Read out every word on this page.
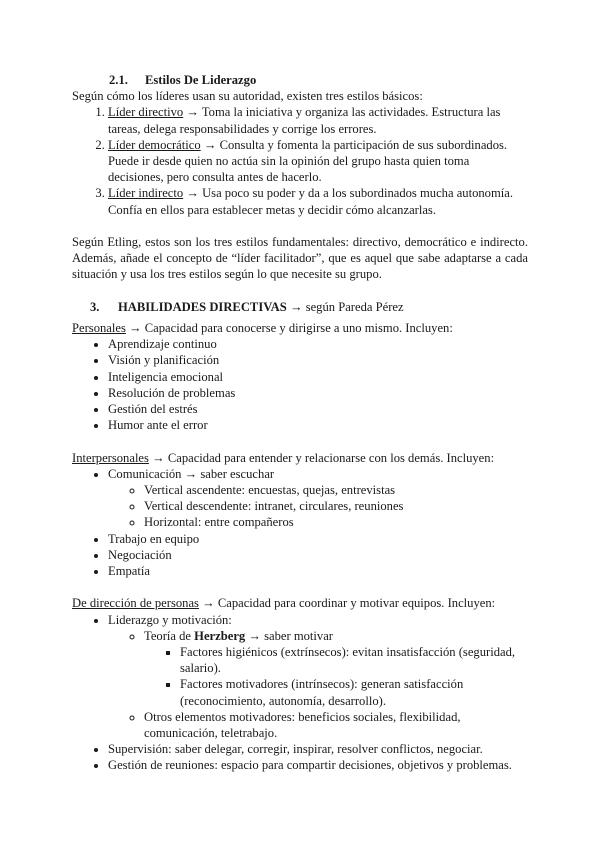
2.1. Estilos De Liderazgo

Según cómo los líderes usan su autoridad, existen tres estilos básicos:

1. Líder directivo → Toma la iniciativa y organiza las actividades. Estructura las tareas, delega responsabilidades y corrige los errores.
2. Líder democrático → Consulta y fomenta la participación de sus subordinados. Puede ir desde quien no actúa sin la opinión del grupo hasta quien toma decisiones, pero consulta antes de hacerlo.
3. Líder indirecto → Usa poco su poder y da a los subordinados mucha autonomía. Confía en ellos para establecer metas y decidir cómo alcanzarlas.

Según Etling, estos son los tres estilos fundamentales: directivo, democrático e indirecto. Además, añade el concepto de “líder facilitador”, que es aquel que sabe adaptarse a cada situación y usa los tres estilos según lo que necesite su grupo.

3. HABILIDADES DIRECTIVAS → según Pareda Pérez

Personales → Capacidad para conocerse y dirigirse a uno mismo. Incluyen:

• Aprendizaje continuo
• Visión y planificación
• Inteligencia emocional
• Resolución de problemas
• Gestión del estrés
• Humor ante el error

Interpersonales → Capacidad para entender y relacionarse con los demás. Incluyen:

• Comunicación → saber escuchar
◦ Vertical ascendente: encuestas, quejas, entrevistas
◦ Vertical descendente: intranet, circulares, reuniones
◦ Horizontal: entre compañeros
• Trabajo en equipo
• Negociación
• Empatía

De dirección de personas → Capacidad para coordinar y motivar equipos. Incluyen:

• Liderazgo y motivación:
◦ Teoría de Herzberg → saber motivar
▪ Factores higiénicos (extrínsecos): evitan insatisfacción (seguridad, salario).
▪ Factores motivadores (intrínsecos): generan satisfacción (reconocimiento, autonomía, desarrollo).
◦ Otros elementos motivadores: beneficios sociales, flexibilidad, comunicación, teletrabajo.
• Supervisión: saber delegar, corregir, inspirar, resolver conflictos, negociar.
• Gestión de reuniones: espacio para compartir decisiones, objetivos y problemas.
